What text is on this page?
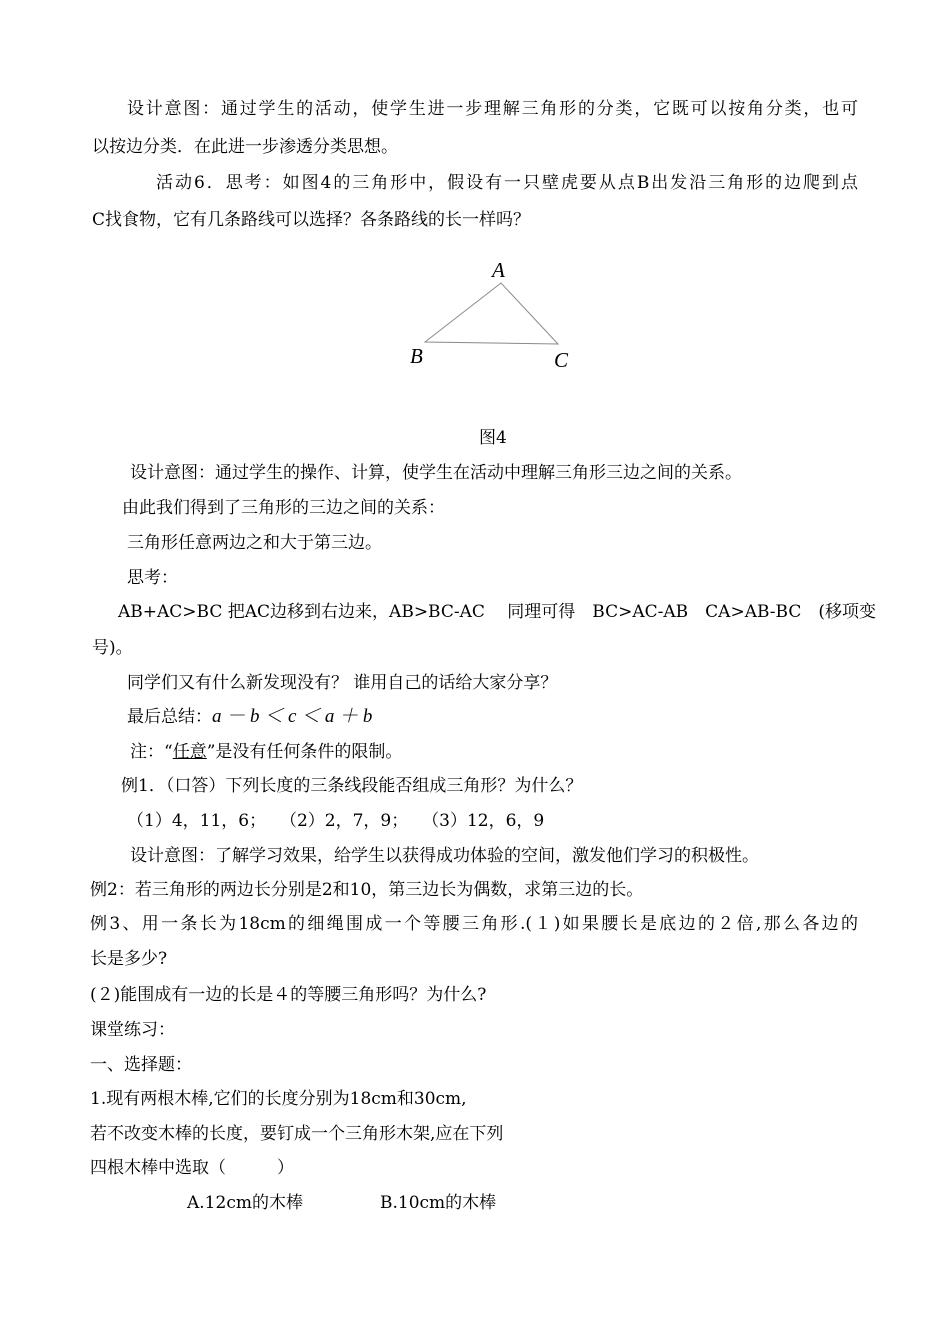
设计意图：通过学生的活动，使学生进一步理解三角形的分类，它既可以按角分类，也可
以按边分类．在此进一步渗透分类思想。
活动6．思考：如图4的三角形中，假设有一只壁虎要从点B出发沿三角形的边爬到点
C找食物，它有几条路线可以选择？各条路线的长一样吗？
A
B	C
图4
设计意图：通过学生的操作、计算，使学生在活动中理解三角形三边之间的关系。
由此我们得到了三角形的三边之间的关系：
三角形任意两边之和大于第三边。
思考：
AB+AC>BC 把AC边移到右边来，AB>BC-AC　 同理可得　BC>AC-AB　CA>AB-BC　(移项变
号)。
同学们又有什么新发现没有？ 谁用自己的话给大家分享？
最后总结：a － b ＜ c ＜ a ＋ b
注：“任意”是没有任何条件的限制。
例1．（口答）下列长度的三条线段能否组成三角形？为什么？
（1）4，11，6；　 （2）2，7，9；　 （3）12，6，9
设计意图：了解学习效果，给学生以获得成功体验的空间，激发他们学习的积极性。
例2：若三角形的两边长分别是2和10，第三边长为偶数，求第三边的长。
例3、用一条长为18cm的细绳围成一个等腰三角形.(１)如果腰长是底边的２倍,那么各边的
长是多少?
(２)能围成有一边的长是４的等腰三角形吗？为什么?
课堂练习：
一、选择题：
1.现有两根木棒,它们的长度分别为18cm和30cm,
若不改变木棒的长度，要钉成一个三角形木架,应在下列
四根木棒中选取（　　　）
A.12cm的木棒	B.10cm的木棒
